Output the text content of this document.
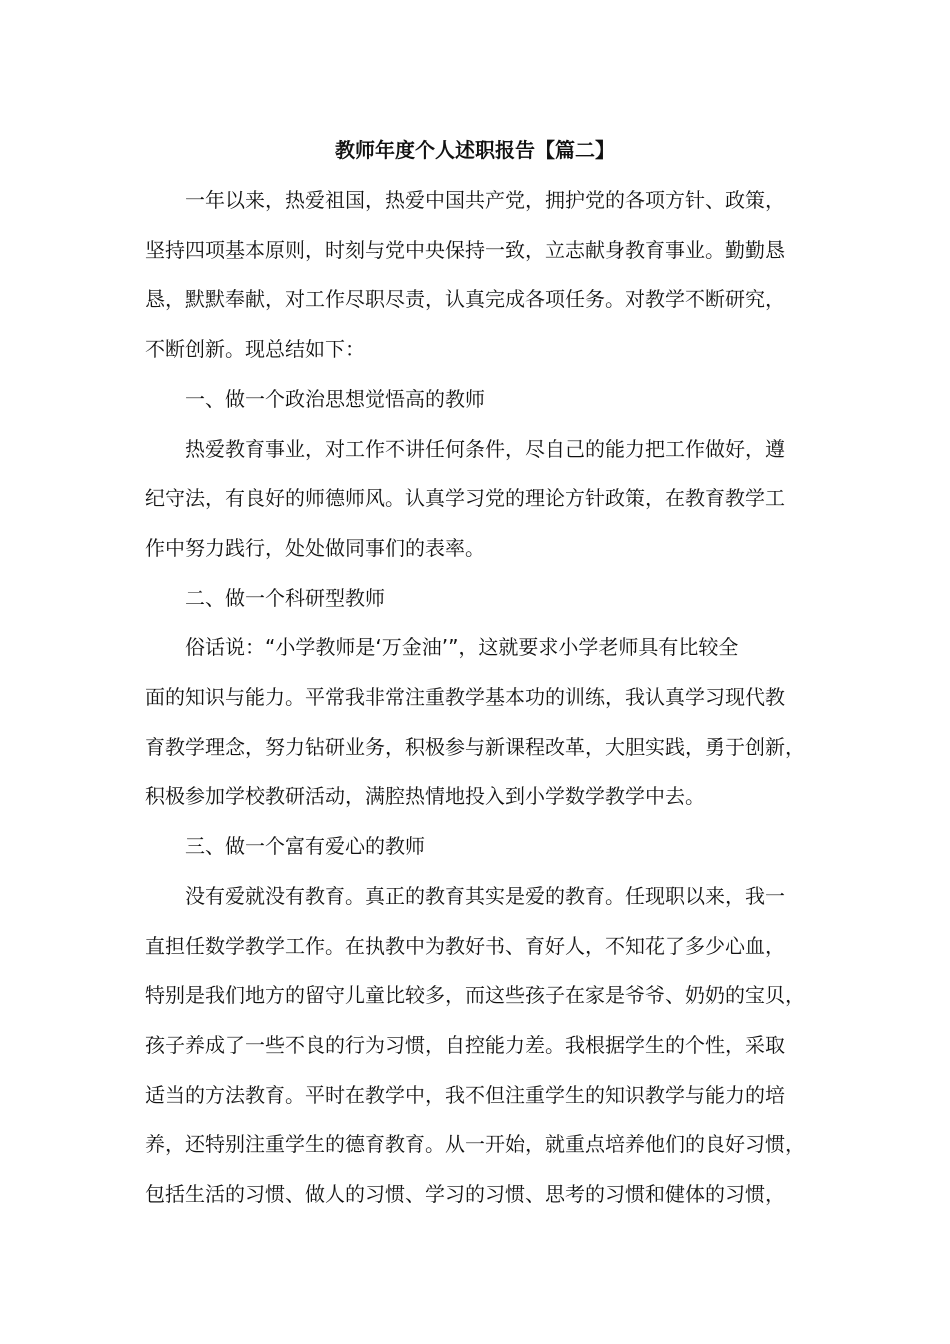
教师年度个人述职报告【篇二】
一年以来，热爱祖国，热爱中国共产党，拥护党的各项方针、政策，
坚持四项基本原则，时刻与党中央保持一致，立志献身教育事业。勤勤恳
恳，默默奉献，对工作尽职尽责，认真完成各项任务。对教学不断研究，
不断创新。现总结如下：
一、做一个政治思想觉悟高的教师
热爱教育事业，对工作不讲任何条件，尽自己的能力把工作做好，遵
纪守法，有良好的师德师风。认真学习党的理论方针政策，在教育教学工
作中努力践行，处处做同事们的表率。
二、做一个科研型教师
俗话说：“小学教师是‘万金油’”，这就要求小学老师具有比较全
面的知识与能力。平常我非常注重教学基本功的训练，我认真学习现代教
育教学理念，努力钻研业务，积极参与新课程改革，大胆实践，勇于创新，
积极参加学校教研活动，满腔热情地投入到小学数学教学中去。
三、做一个富有爱心的教师
没有爱就没有教育。真正的教育其实是爱的教育。任现职以来，我一
直担任数学教学工作。在执教中为教好书、育好人，不知花了多少心血，
特别是我们地方的留守儿童比较多，而这些孩子在家是爷爷、奶奶的宝贝，
孩子养成了一些不良的行为习惯，自控能力差。我根据学生的个性，采取
适当的方法教育。平时在教学中，我不但注重学生的知识教学与能力的培
养，还特别注重学生的德育教育。从一开始，就重点培养他们的良好习惯，
包括生活的习惯、做人的习惯、学习的习惯、思考的习惯和健体的习惯，
